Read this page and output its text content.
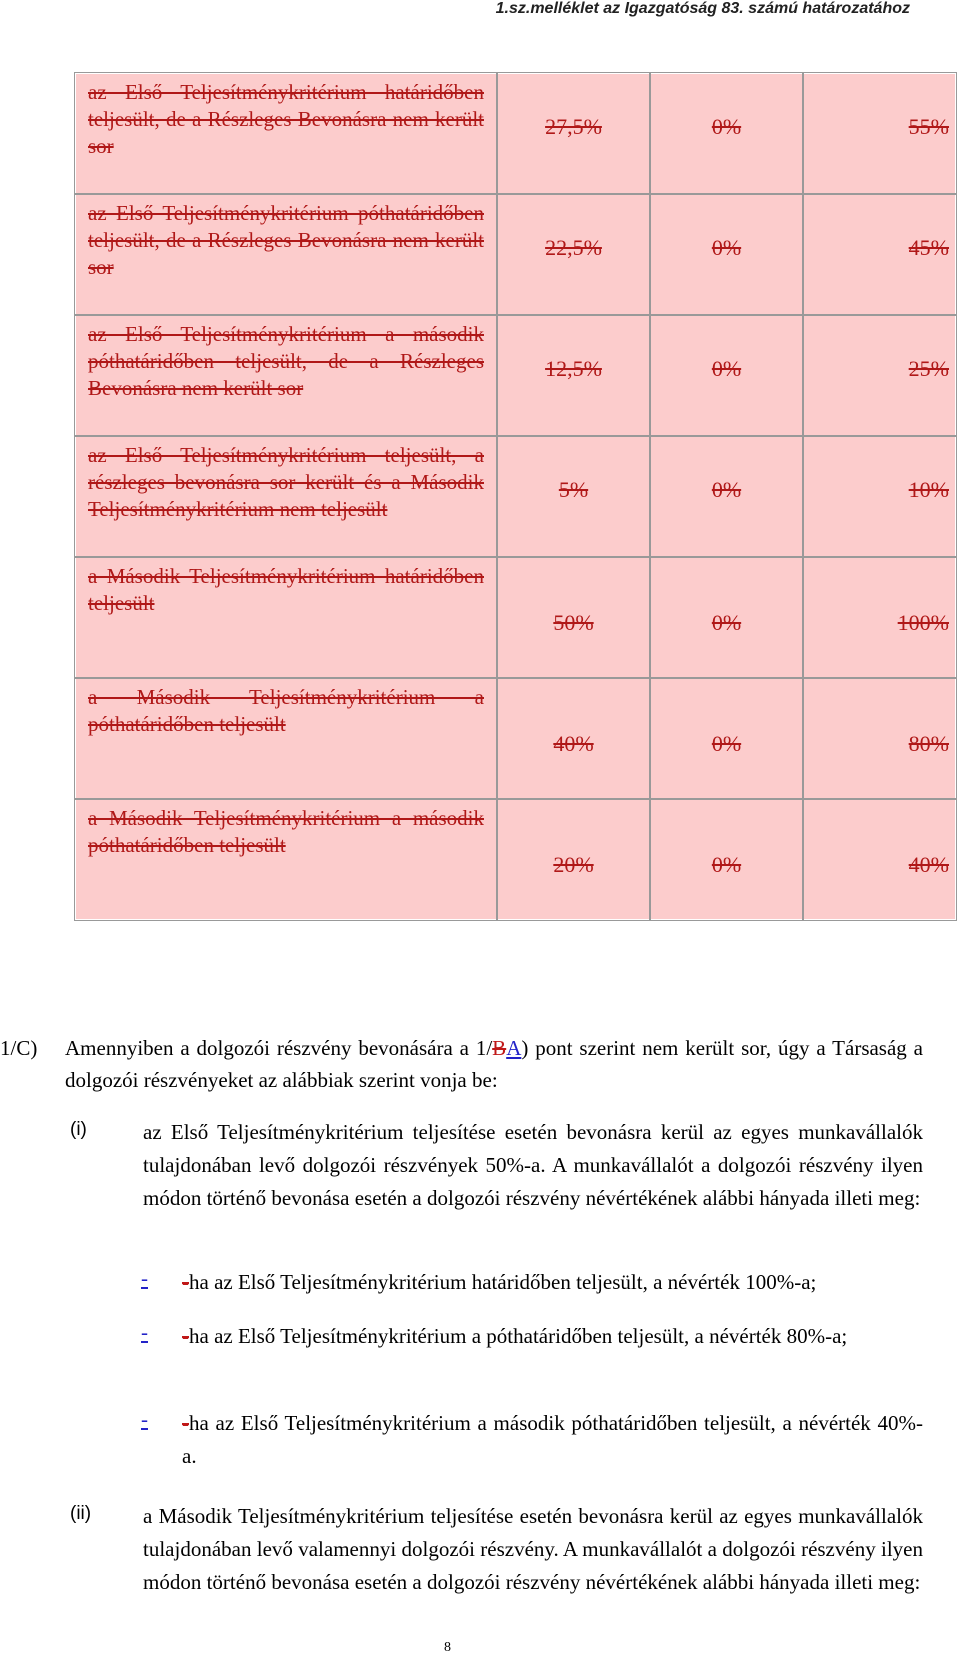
1.sz.melléklet az Igazgatóság 83. számú határozatához
az Első Teljesítménykritérium határidőben teljesült, de a Részleges Bevonásra nem került sor	27,5%	0%	55%
az Első Teljesítménykritérium póthatáridőben teljesült, de a Részleges Bevonásra nem került sor	22,5%	0%	45%
az Első Teljesítménykritérium a második póthatáridőben teljesült, de a Részleges Bevonásra nem került sor	12,5%	0%	25%
az Első Teljesítménykritérium teljesült, a részleges bevonásra sor került és a Második Teljesítménykritérium nem teljesült	5%	0%	10%
a Második Teljesítménykritérium határidőben teljesült	50%	0%	100%
a Második Teljesítménykritérium a póthatáridőben teljesült	40%	0%	80%
a Második Teljesítménykritérium a második póthatáridőben teljesült	20%	0%	40%
1/C)	Amennyiben a dolgozói részvény bevonására a 1/BA) pont szerint nem került sor, úgy a Társaság a dolgozói részvényeket az alábbiak szerint vonja be:
(i)	az Első Teljesítménykritérium teljesítése esetén bevonásra kerül az egyes munkavállalók tulajdonában levő dolgozói részvények 50%-a. A munkavállalót a dolgozói részvény ilyen módon történő bevonása esetén a dolgozói részvény névértékének alábbi hányada illeti meg:
- -ha az Első Teljesítménykritérium határidőben teljesült, a névérték 100%-a;
- -ha az Első Teljesítménykritérium a póthatáridőben teljesült, a névérték 80%-a;
- -ha az Első Teljesítménykritérium a második póthatáridőben teljesült, a névérték 40%-a.
(ii) a Második Teljesítménykritérium teljesítése esetén bevonásra kerül az egyes munkavállalók tulajdonában levő valamennyi dolgozói részvény. A munkavállalót a dolgozói részvény ilyen módon történő bevonása esetén a dolgozói részvény névértékének alábbi hányada illeti meg:
8
